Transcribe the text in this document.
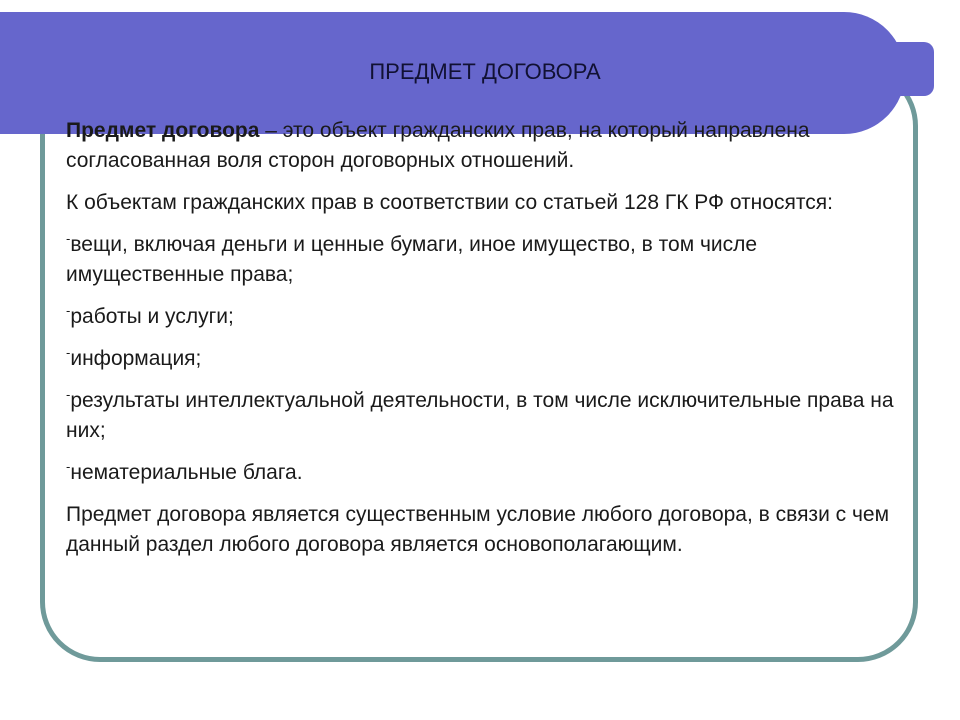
ПРЕДМЕТ ДОГОВОРА

Предмет договора – это объект гражданских прав, на который направлена согласованная воля сторон договорных отношений.

К объектам гражданских прав в соответствии со статьей 128 ГК РФ относятся:

-вещи, включая деньги и ценные бумаги, иное имущество, в том числе имущественные права;

-работы и услуги;

-информация;

-результаты интеллектуальной деятельности, в том числе исключительные права на них;

-нематериальные блага.

Предмет договора является существенным условие любого договора, в связи с чем данный раздел любого договора является основополагающим.
